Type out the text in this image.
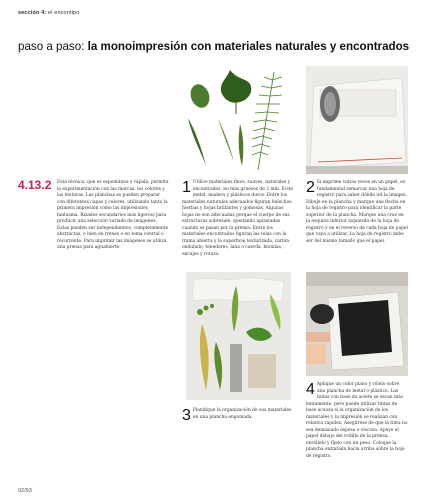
sección 4: el encontipo
paso a paso: la monoimpresión con materiales naturales y encontrados
4.13.2 Esta técnica, que es espontánea y rápida, permite la experimentación con las marcas, los colores y las texturas. Las planchas se pueden preparar con diferentes capas y colores, utilizando tanto la primera impresión como las impresiones fantasma. Rizados secundarios más ligeros) para producir una selección variada de imágenes. Estas pueden ser independientes, completamente abstractas, o bien en trenes o en tema central o recurrente. Para imprimir las imágenes se utiliza una prensa para aguafuerte.
1 Utilice materiales finos, suaves, naturales y encontrados, no más gruesos de 2 mm. Evite metal, madera y plásticos duros. Entre los materiales naturales adecuados figuran helechos, hierbas y hojas brillantes y gomosas. Algunas hojas no son adecuadas porque el cuerpo de sus estructuras sobresale, quedando aplastadas cuando se pasan por la prensa. Entre los materiales encontrados figuran las telas con la trama abierta y la superficie texturizada, cartón ondulado, tenedores, lana o cuerda, blondas, encajes y rotura.
2 Si imprime varias veces en un papel, es fundamental remarcar una hoja de registro para saber dónde irá la imagen. Dibuje en la plancha y marque una flecha en la hoja de registro para identificar la parte superior de la plancha. Marque una cruz en la esquina inferior izquierda de la hoja de registro y en el reverso de cada hoja de papel que vaya a utilizar. La hoja de registro debe ser del mismo tamaño que el papel.
3 Planifique la organización de sus materiales en una plancha engomada.
4 Aplique un color plano y rólelo sobre una plancha de metal o plástico. Las tintas con base de aceite se secan más lentamente, pero puede utilizar tintas de base acuosa si la organización de los materiales y la impresión se realizan con relativa rapidez. Asegúrese de que la tinta no sea demasiado espesa o viscosa. Apoye el papel debajo del rodillo de la prensa, enróllelo y fíjelo con un peso. Coloque la plancha entintada hacia arriba sobre la hoja de registro.
92/93
